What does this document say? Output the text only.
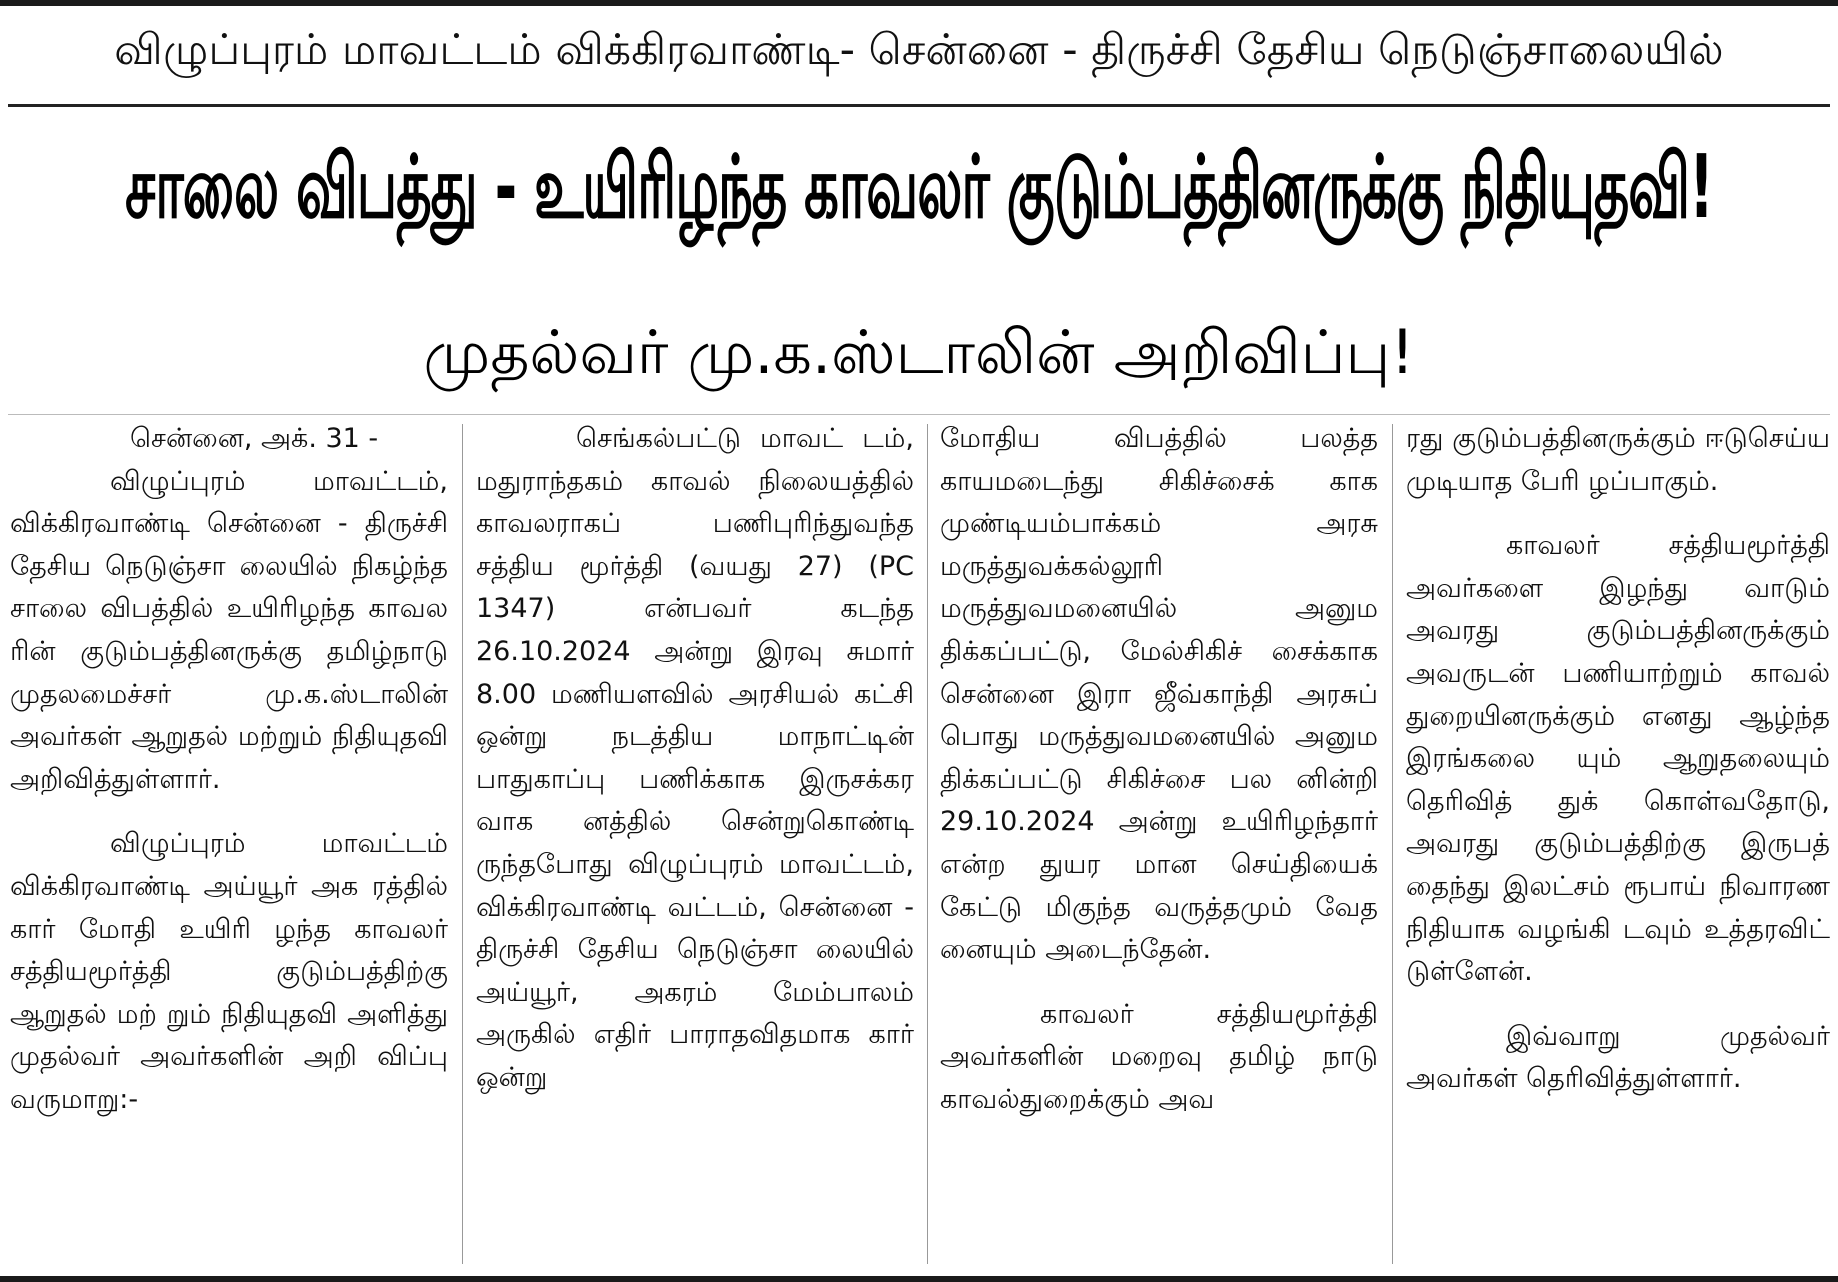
விழுப்புரம் மாவட்டம் விக்கிரவாண்டி- சென்னை - திருச்சி தேசிய நெடுஞ்சாலையில்
சாலை விபத்து - உயிரிழந்த காவலர் குடும்பத்தினருக்கு நிதியுதவி!
முதல்வர் மு.க.ஸ்டாலின் அறிவிப்பு!

சென்னை, அக். 31 -

விழுப்புரம் மாவட்டம், விக்கிரவாண்டி சென்னை - திருச்சி தேசிய நெடுஞ்சா லையில் நிகழ்ந்த சாலை விபத்தில் உயிரிழந்த காவல ரின் குடும்பத்தினருக்கு தமிழ்நாடு முதலமைச்சர் மு.க.ஸ்டாலின் அவர்கள் ஆறுதல் மற்றும் நிதியுதவி அறிவித்துள்ளார்.

விழுப்புரம் மாவட்டம் விக்கிரவாண்டி அய்யூர் அக ரத்தில் கார் மோதி உயிரி ழந்த காவலர் சத்தியமூர்த்தி குடும்பத்திற்கு ஆறுதல் மற் றும் நிதியுதவி அளித்து முதல்வர் அவர்களின் அறி விப்பு வருமாறு:-

செங்கல்பட்டு மாவட் டம், மதுராந்தகம் காவல் நிலையத்தில் காவலராகப் பணிபுரிந்துவந்த சத்திய மூர்த்தி (வயது 27) (PC 1347) என்பவர் கடந்த 26.10.2024 அன்று இரவு சுமார் 8.00 மணியளவில் அரசியல் கட்சி ஒன்று நடத்திய மாநாட்டின் பாதுகாப்பு பணிக்காக இருசக்கர வாக னத்தில் சென்றுகொண்டி ருந்தபோது விழுப்புரம் மாவட்டம், விக்கிரவாண்டி வட்டம், சென்னை - திருச்சி தேசிய நெடுஞ்சா லையில் அய்யூர், அகரம் மேம்பாலம் அருகில் எதிர் பாராதவிதமாக கார் ஒன்று

மோதிய விபத்தில் பலத்த காயமடைந்து சிகிச்சைக் காக முண்டியம்பாக்கம் அரசு மருத்துவக்கல்லூரி மருத்துவமனையில் அனும திக்கப்பட்டு, மேல்சிகிச் சைக்காக சென்னை இரா ஜீவ்காந்தி அரசுப் பொது மருத்துவமனையில் அனும திக்கப்பட்டு சிகிச்சை பல னின்றி 29.10.2024 அன்று உயிரிழந்தார் என்ற துயர மான செய்தியைக் கேட்டு மிகுந்த வருத்தமும் வேத னையும் அடைந்தேன்.

காவலர் சத்தியமூர்த்தி அவர்களின் மறைவு தமிழ் நாடு காவல்துறைக்கும் அவ

ரது குடும்பத்தினருக்கும் ஈடுசெய்ய முடியாத பேரி ழப்பாகும்.

காவலர் சத்தியமூர்த்தி அவர்களை இழந்து வாடும் அவரது குடும்பத்தினருக்கும் அவருடன் பணியாற்றும் காவல் துறையினருக்கும் எனது ஆழ்ந்த இரங்கலை யும் ஆறுதலையும் தெரிவித் துக் கொள்வதோடு, அவரது குடும்பத்திற்கு இருபத் தைந்து இலட்சம் ரூபாய் நிவாரண நிதியாக வழங்கி டவும் உத்தரவிட் டுள்ளேன்.

இவ்வாறு முதல்வர் அவர்கள் தெரிவித்துள்ளார்.
